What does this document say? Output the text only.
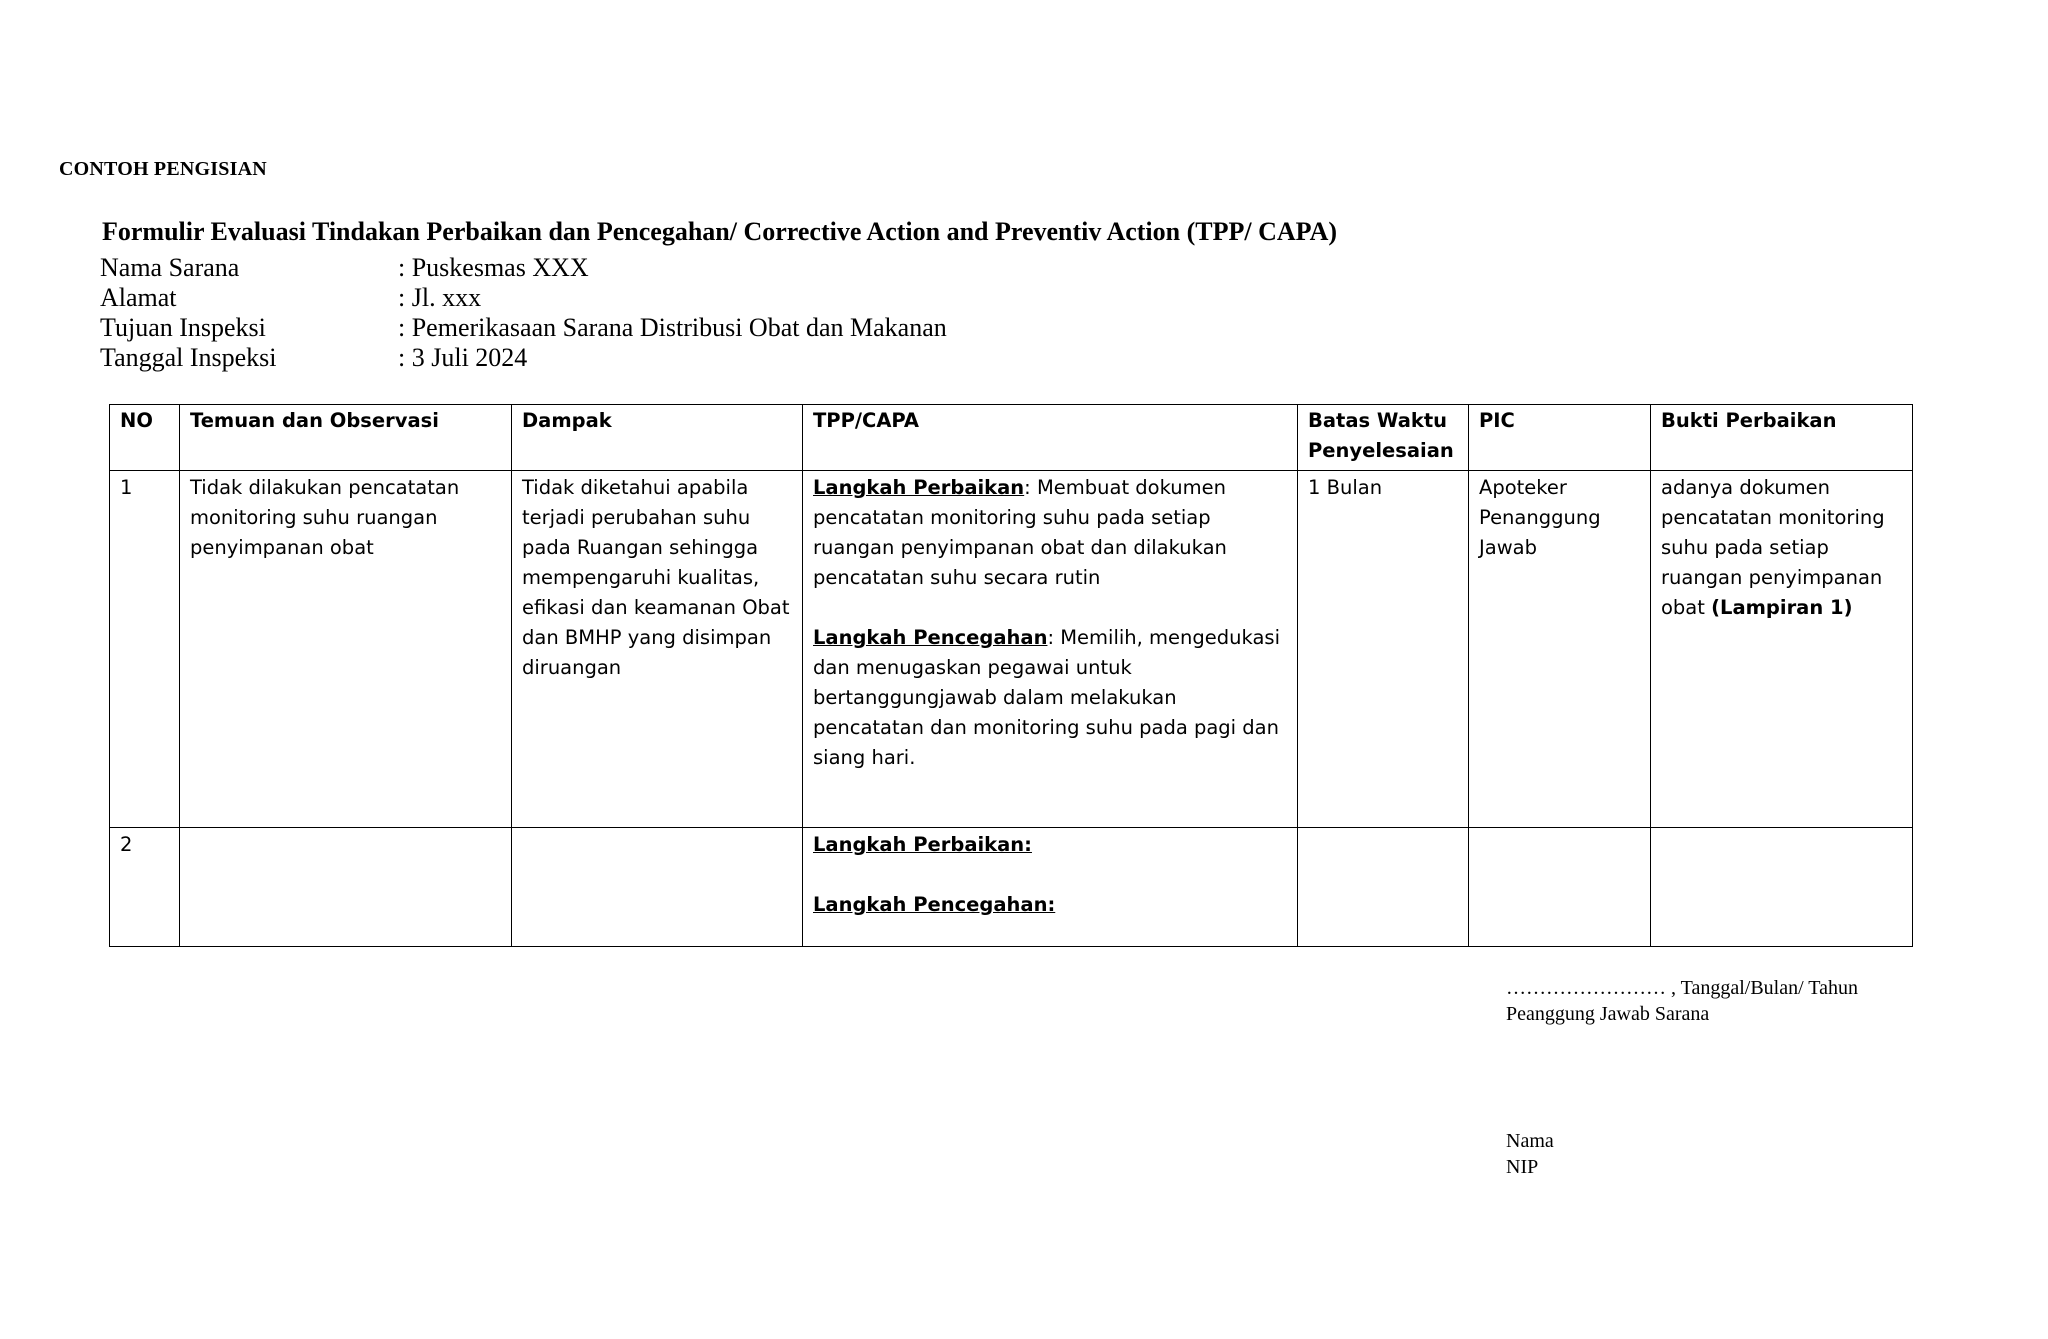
CONTOH PENGISIAN
Formulir Evaluasi Tindakan Perbaikan dan Pencegahan/ Corrective Action and Preventiv Action (TPP/ CAPA)
Nama Sarana	: Puskesmas XXX
Alamat	: Jl. xxx
Tujuan Inspeksi	: Pemerikasaan Sarana Distribusi Obat dan Makanan
Tanggal Inspeksi	: 3 Juli 2024
NO	Temuan dan Observasi	Dampak	TPP/CAPA	Batas Waktu Penyelesaian	PIC	Bukti Perbaikan
1	Tidak dilakukan pencatatan monitoring suhu ruangan penyimpanan obat	Tidak diketahui apabila terjadi perubahan suhu pada Ruangan sehingga mempengaruhi kualitas, efikasi dan keamanan Obat dan BMHP yang disimpan diruangan	Langkah Perbaikan: Membuat dokumen pencatatan monitoring suhu pada setiap ruangan penyimpanan obat dan dilakukan pencatatan suhu secara rutin
Langkah Pencegahan: Memilih, mengedukasi dan menugaskan pegawai untuk bertanggungjawab dalam melakukan pencatatan dan monitoring suhu pada pagi dan siang hari.	1 Bulan	Apoteker Penanggung Jawab	adanya dokumen pencatatan monitoring suhu pada setiap ruangan penyimpanan obat (Lampiran 1)
2			Langkah Perbaikan:
Langkah Pencegahan:			

…………………… , Tanggal/Bulan/ Tahun
Peanggung Jawab Sarana
Nama
NIP
